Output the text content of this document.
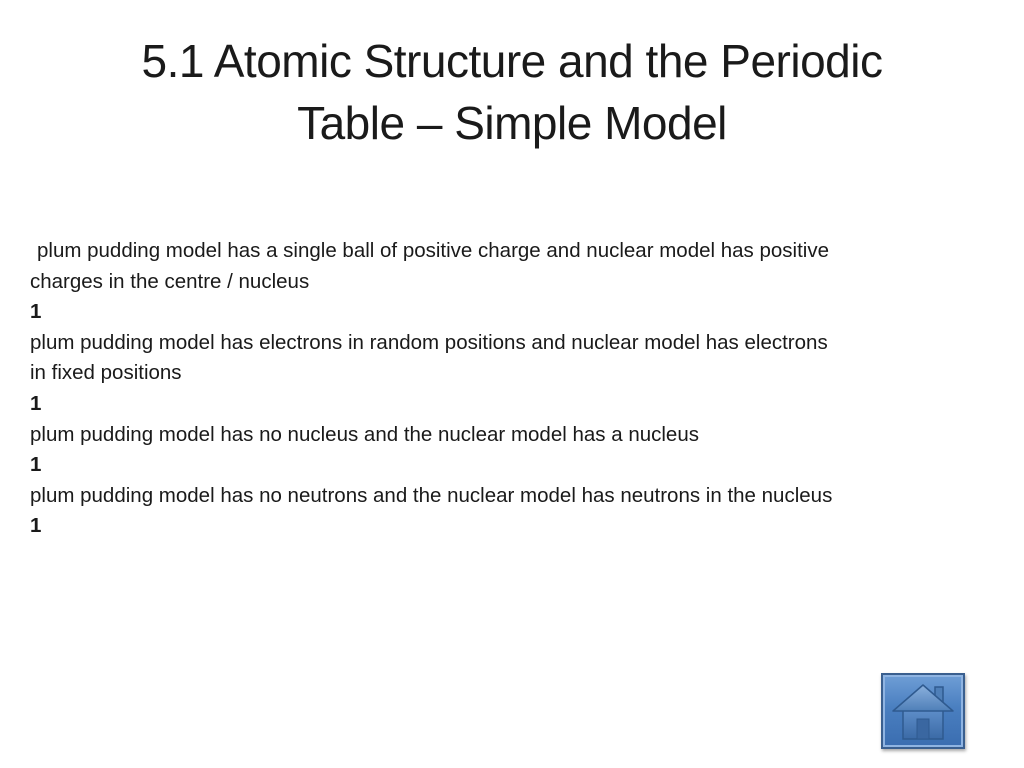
5.1 Atomic Structure and the Periodic
Table – Simple Model
plum pudding model has a single ball of positive charge and nuclear model has positive
charges in the centre / nucleus
1
plum pudding model has electrons in random positions and nuclear model has electrons
in fixed positions
1
plum pudding model has no nucleus and the nuclear model has a nucleus
1
plum pudding model has no neutrons and the nuclear model has neutrons in the nucleus
1
